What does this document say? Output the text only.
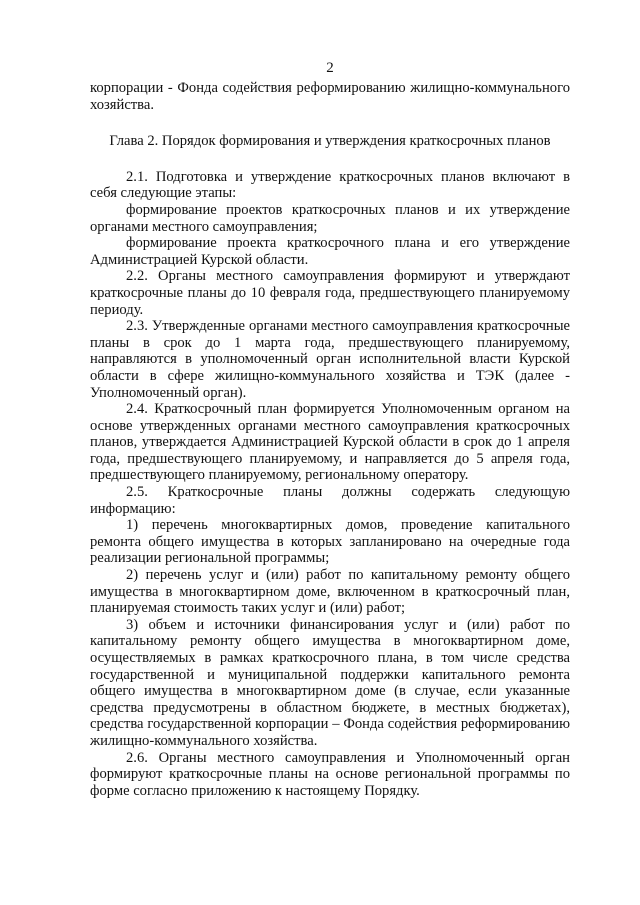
2

корпорации - Фонда содействия реформированию жилищно-коммунального хозяйства.

Глава 2. Порядок формирования и утверждения краткосрочных планов

2.1. Подготовка и утверждение краткосрочных планов включают в себя следующие этапы:

формирование проектов краткосрочных планов и их утверждение органами местного самоуправления;

формирование проекта краткосрочного плана и его утверждение Администрацией Курской области.

2.2. Органы местного самоуправления формируют и утверждают краткосрочные планы до 10 февраля года, предшествующего планируемому периоду.

2.3. Утвержденные органами местного самоуправления краткосрочные планы в срок до 1 марта года, предшествующего планируемому, направляются в уполномоченный орган исполнительной власти Курской области в сфере жилищно-коммунального хозяйства и ТЭК (далее - Уполномоченный орган).

2.4. Краткосрочный план формируется Уполномоченным органом на основе утвержденных органами местного самоуправления краткосрочных планов, утверждается Администрацией Курской области в срок до 1 апреля года, предшествующего планируемому, и направляется до 5 апреля года, предшествующего планируемому, региональному оператору.

2.5. Краткосрочные планы должны содержать следующую информацию:

1) перечень многоквартирных домов, проведение капитального ремонта общего имущества в которых запланировано на очередные года реализации региональной программы;

2) перечень услуг и (или) работ по капитальному ремонту общего имущества в многоквартирном доме, включенном в краткосрочный план, планируемая стоимость таких услуг и (или) работ;

3) объем и источники финансирования услуг и (или) работ по капитальному ремонту общего имущества в многоквартирном доме, осуществляемых в рамках краткосрочного плана, в том числе средства государственной и муниципальной поддержки капитального ремонта общего имущества в многоквартирном доме (в случае, если указанные средства предусмотрены в областном бюджете, в местных бюджетах), средства государственной корпорации – Фонда содействия реформированию жилищно-коммунального хозяйства.

2.6. Органы местного самоуправления и Уполномоченный орган формируют краткосрочные планы на основе региональной программы по форме согласно приложению к настоящему Порядку.
